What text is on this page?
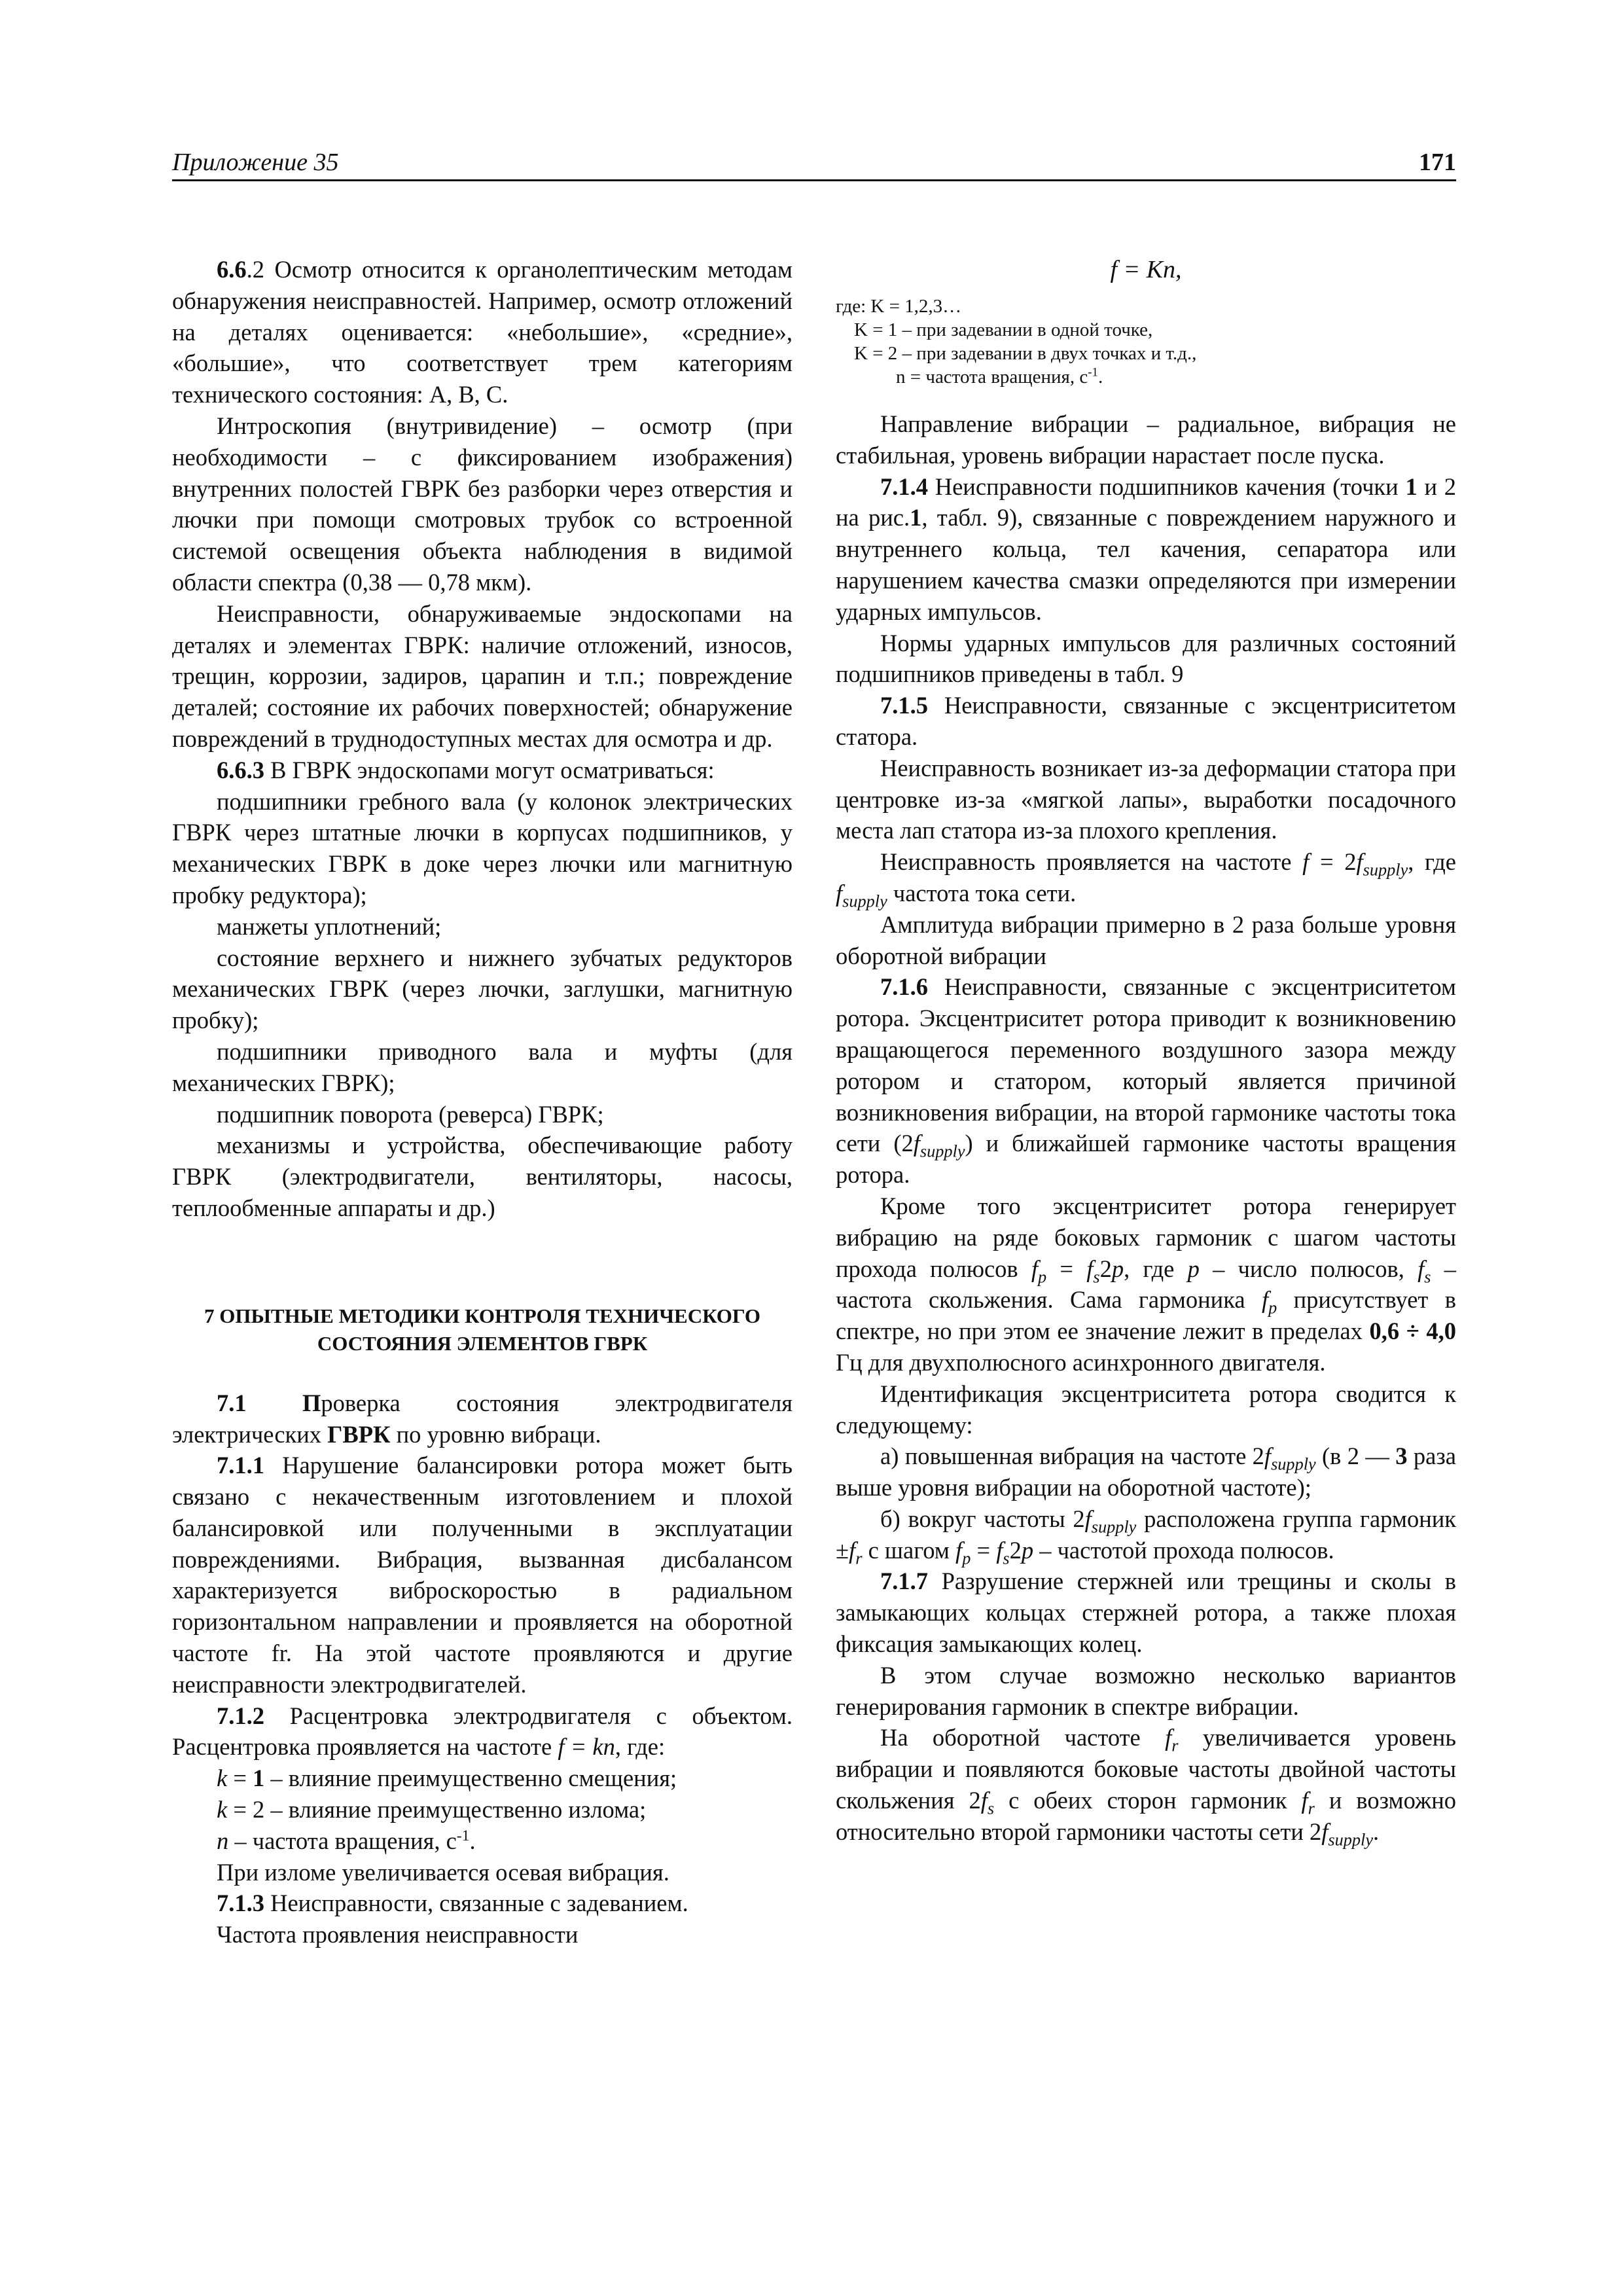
Приложение 35	171

6.6.2 Осмотр относится к органолептическим методам обнаружения неисправностей. Например, осмотр отложений на деталях оценивается: «небольшие», «средние», «большие», что соответствует трем категориям технического состояния: А, В, С.

Интроскопия (внутривидение) – осмотр (при необходимости – с фиксированием изображения) внутренних полостей ГВРК без разборки через отверстия и лючки при помощи смотровых трубок со встроенной системой освещения объекта наблюдения в видимой области спектра (0,38 — 0,78 мкм).

Неисправности, обнаруживаемые эндоскопами на деталях и элементах ГВРК: наличие отложений, износов, трещин, коррозии, задиров, царапин и т.п.; повреждение деталей; состояние их рабочих поверхностей; обнаружение повреждений в труднодоступных местах для осмотра и др.

6.6.3 В ГВРК эндоскопами могут осматриваться:

подшипники гребного вала (у колонок электрических ГВРК через штатные лючки в корпусах подшипников, у механических ГВРК в доке через лючки или магнитную пробку редуктора);

манжеты уплотнений;

состояние верхнего и нижнего зубчатых редукторов механических ГВРК (через лючки, заглушки, магнитную пробку);

подшипники приводного вала и муфты (для механических ГВРК);

подшипник поворота (реверса) ГВРК;

механизмы и устройства, обеспечивающие работу ГВРК (электродвигатели, вентиляторы, насосы, теплообменные аппараты и др.)

7 ОПЫТНЫЕ МЕТОДИКИ КОНТРОЛЯ ТЕХНИЧЕСКОГО
СОСТОЯНИЯ ЭЛЕМЕНТОВ ГВРК

7.1 Проверка состояния электродвигателя электрических ГВРК по уровню вибраци.

7.1.1 Нарушение балансировки ротора может быть связано с некачественным изготовлением и плохой балансировкой или полученными в эксплуатации повреждениями. Вибрация, вызванная дисбалансом характеризуется виброскоростью в радиальном горизонтальном направлении и проявляется на оборотной частоте fr. На этой частоте проявляются и другие неисправности электродвигателей.

7.1.2 Расцентровка электродвигателя с объектом. Расцентровка проявляется на частоте f = kn, где:

k = 1 – влияние преимущественно смещения;

k = 2 – влияние преимущественно излома;

n – частота вращения, $с^{-1}$.

При изломе увеличивается осевая вибрация.

7.1.3 Неисправности, связанные с задеванием.

Частота проявления неисправности

f = Kn,
где: K = 1,2,3…
K = 1 – при задевании в одной точке,
K = 2 – при задевании в двух точках и т.д.,
n = частота вращения, $с^{-1}$.

Направление вибрации – радиальное, вибрация не стабильная, уровень вибрации нарастает после пуска.

7.1.4 Неисправности подшипников качения (точки 1 и 2 на рис.1, табл. 9), связанные с повреждением наружного и внутреннего кольца, тел качения, сепаратора или нарушением качества смазки определяются при измерении ударных импульсов.

Нормы ударных импульсов для различных состояний подшипников приведены в табл. 9

7.1.5 Неисправности, связанные с эксцентриситетом статора.

Неисправность возникает из-за деформации статора при центровке из-за «мягкой лапы», выработки посадочного места лап статора из-за плохого крепления.

Неисправность проявляется на частоте $f = 2f_{supply}$, где $f_{supply}$ частота тока сети.

Амплитуда вибрации примерно в 2 раза больше уровня оборотной вибрации

7.1.6 Неисправности, связанные с эксцентриситетом ротора. Эксцентриситет ротора приводит к возникновению вращающегося переменного воздушного зазора между ротором и статором, который является причиной возникновения вибрации, на второй гармонике частоты тока сети $(2f_{supply})$ и ближайшей гармонике частоты вращения ротора.

Кроме того эксцентриситет ротора генерирует вибрацию на ряде боковых гармоник с шагом частоты прохода полюсов $f_p = f_s2p$, где p – число полюсов, $f_s$ – частота скольжения. Сама гармоника $f_p$ присутствует в спектре, но при этом ее значение лежит в пределах 0,6 ÷ 4,0 Гц для двухполюсного асинхронного двигателя.

Идентификация эксцентриситета ротора сводится к следующему:

а) повышенная вибрация на частоте $2f_{supply}$ (в 2 — 3 раза выше уровня вибрации на оборотной частоте);

б) вокруг частоты $2f_{supply}$ расположена группа гармоник $\pm f_r$ с шагом $f_p = f_s2p$ – частотой прохода полюсов.

7.1.7 Разрушение стержней или трещины и сколы в замыкающих кольцах стержней ротора, а также плохая фиксация замыкающих колец.

В этом случае возможно несколько вариантов генерирования гармоник в спектре вибрации.

На оборотной частоте $f_r$ увеличивается уровень вибрации и появляются боковые частоты двойной частоты скольжения $2f_s$ с обеих сторон гармоник $f_r$ и возможно относительно второй гармоники частоты сети $2f_{supply}$.
